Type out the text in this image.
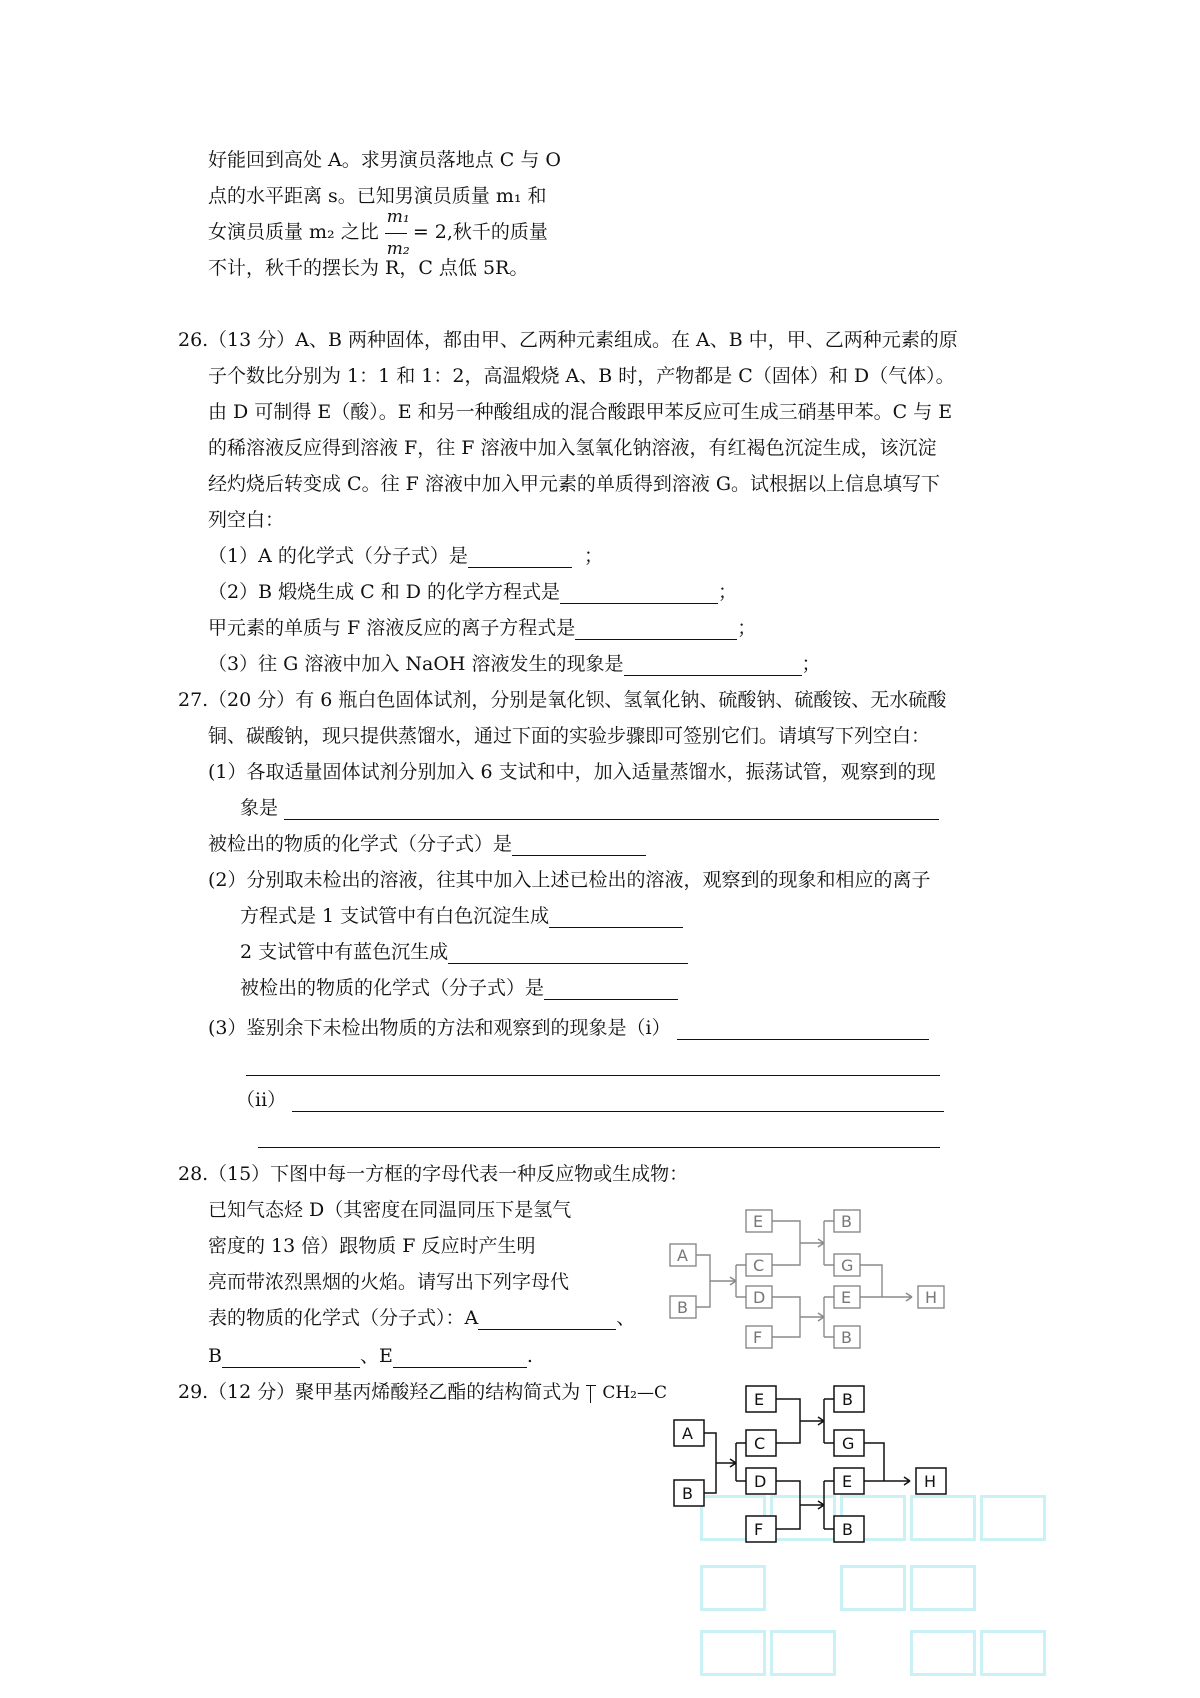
好能回到高处 A。求男演员落地点 C 与 O
点的水平距离 s。已知男演员质量 m₁ 和
女演员质量 m₂ 之比 $\frac{\text{m₁}}{\text{m₂}} = 2$,秋千的质量
不计，秋千的摆长为 R，C 点低 5R。
26. （13 分）A、B 两种固体，都由甲、乙两种元素组成。在 A、B 中，甲、乙两种元素的原
子个数比分别为 1：1 和 1：2，高温煅烧 A、B 时，产物都是 C（固体）和 D（气体）。
由 D 可制得 E（酸）。E 和另一种酸组成的混合酸跟甲苯反应可生成三硝基甲苯。C 与 E
的稀溶液反应得到溶液 F，往 F 溶液中加入氢氧化钠溶液，有红褐色沉淀生成，该沉淀
经灼烧后转变成 C。往 F 溶液中加入甲元素的单质得到溶液 G。试根据以上信息填写下
列空白：
（1）A 的化学式（分子式）是	；
（2）B 煅烧生成 C 和 D 的化学方程式是	；
甲元素的单质与 F 溶液反应的离子方程式是	；
（3）往 G 溶液中加入 NaOH 溶液发生的现象是	；
27. （20 分）有 6 瓶白色固体试剂，分别是氧化钡、氢氧化钠、硫酸钠、硫酸铵、无水硫酸
铜、碳酸钠，现只提供蒸馏水，通过下面的实验步骤即可签别它们。请填写下列空白：
(1）各取适量固体试剂分别加入 6 支试和中，加入适量蒸馏水，振荡试管，观察到的现
象是
被检出的物质的化学式（分子式）是
(2）分别取未检出的溶液，往其中加入上述已检出的溶液，观察到的现象和相应的离子
方程式是 1 支试管中有白色沉淀生成
2 支试管中有蓝色沉生成
被检出的物质的化学式（分子式）是
(3）鉴别余下未检出物质的方法和观察到的现象是（i）
（ii）
28. （15）下图中每一方框的字母代表一种反应物或生成物：
已知气态烃 D（其密度在同温同压下是氢气
密度的 13 倍）跟物质 F 反应时产生明
亮而带浓烈黑烟的火焰。请写出下列字母代
表的物质的化学式（分子式）：A	、
B	、E	.
29. （12 分）聚甲基丙烯酸羟乙酯的结构简式为 CH₂—C
A
B
E
C
D
F
B
G
E
B
H
A
B
E
C
D
F
B
G
E
B
H
